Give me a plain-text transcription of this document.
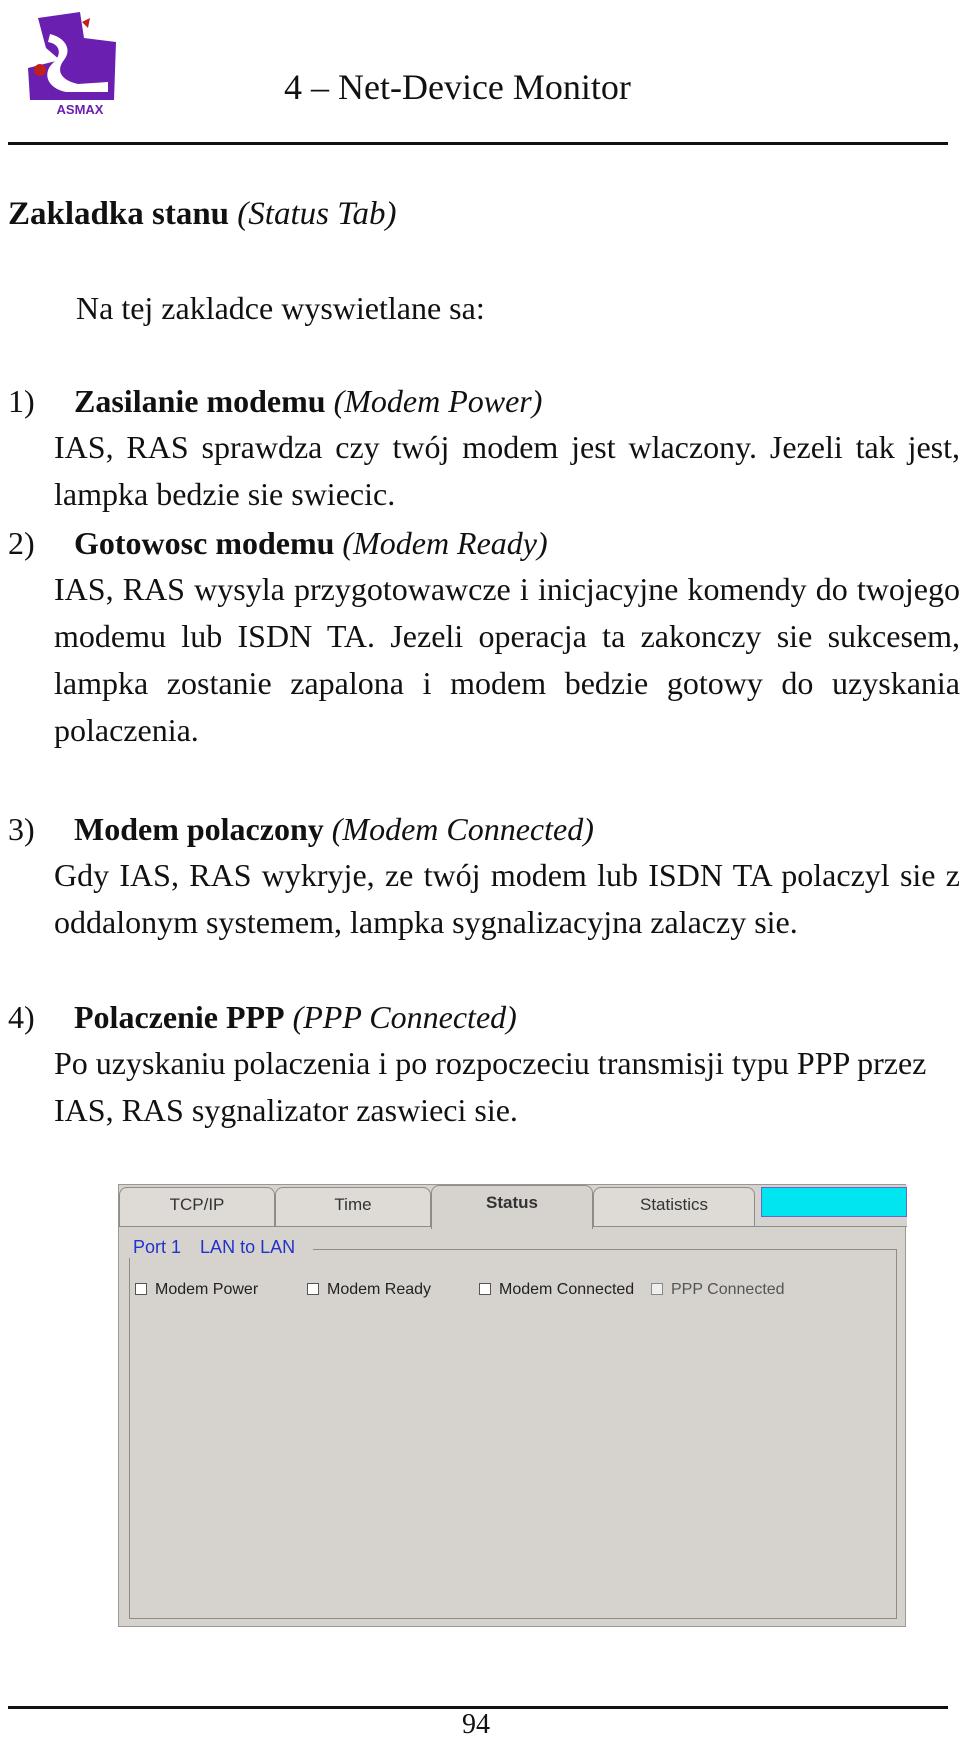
ASMAX
4 – Net-Device Monitor
Zakladka stanu (Status Tab)
Na tej zakladce wyswietlane sa:
1) Zasilanie modemu (Modem Power)
IAS, RAS sprawdza czy twój modem jest wlaczony. Jezeli tak jest, lampka bedzie sie swiecic.
2) Gotowosc modemu (Modem Ready)
IAS, RAS wysyla przygotowawcze i inicjacyjne komendy do twojego modemu lub ISDN TA. Jezeli operacja ta zakonczy sie sukcesem, lampka zostanie zapalona i modem bedzie gotowy do uzyskania polaczenia.
3) Modem polaczony (Modem Connected)
Gdy IAS, RAS wykryje, ze twój modem lub ISDN TA polaczyl sie z oddalonym systemem, lampka sygnalizacyjna zalaczy sie.
4) Polaczenie PPP (PPP Connected)
Po uzyskaniu polaczenia i po rozpoczeciu transmisji typu PPP przez IAS, RAS sygnalizator zaswieci sie.
TCP/IP	Time	Status	Statistics
Port 1 LAN to LAN
Modem Power	Modem Ready	Modem Connected	PPP Connected
94
